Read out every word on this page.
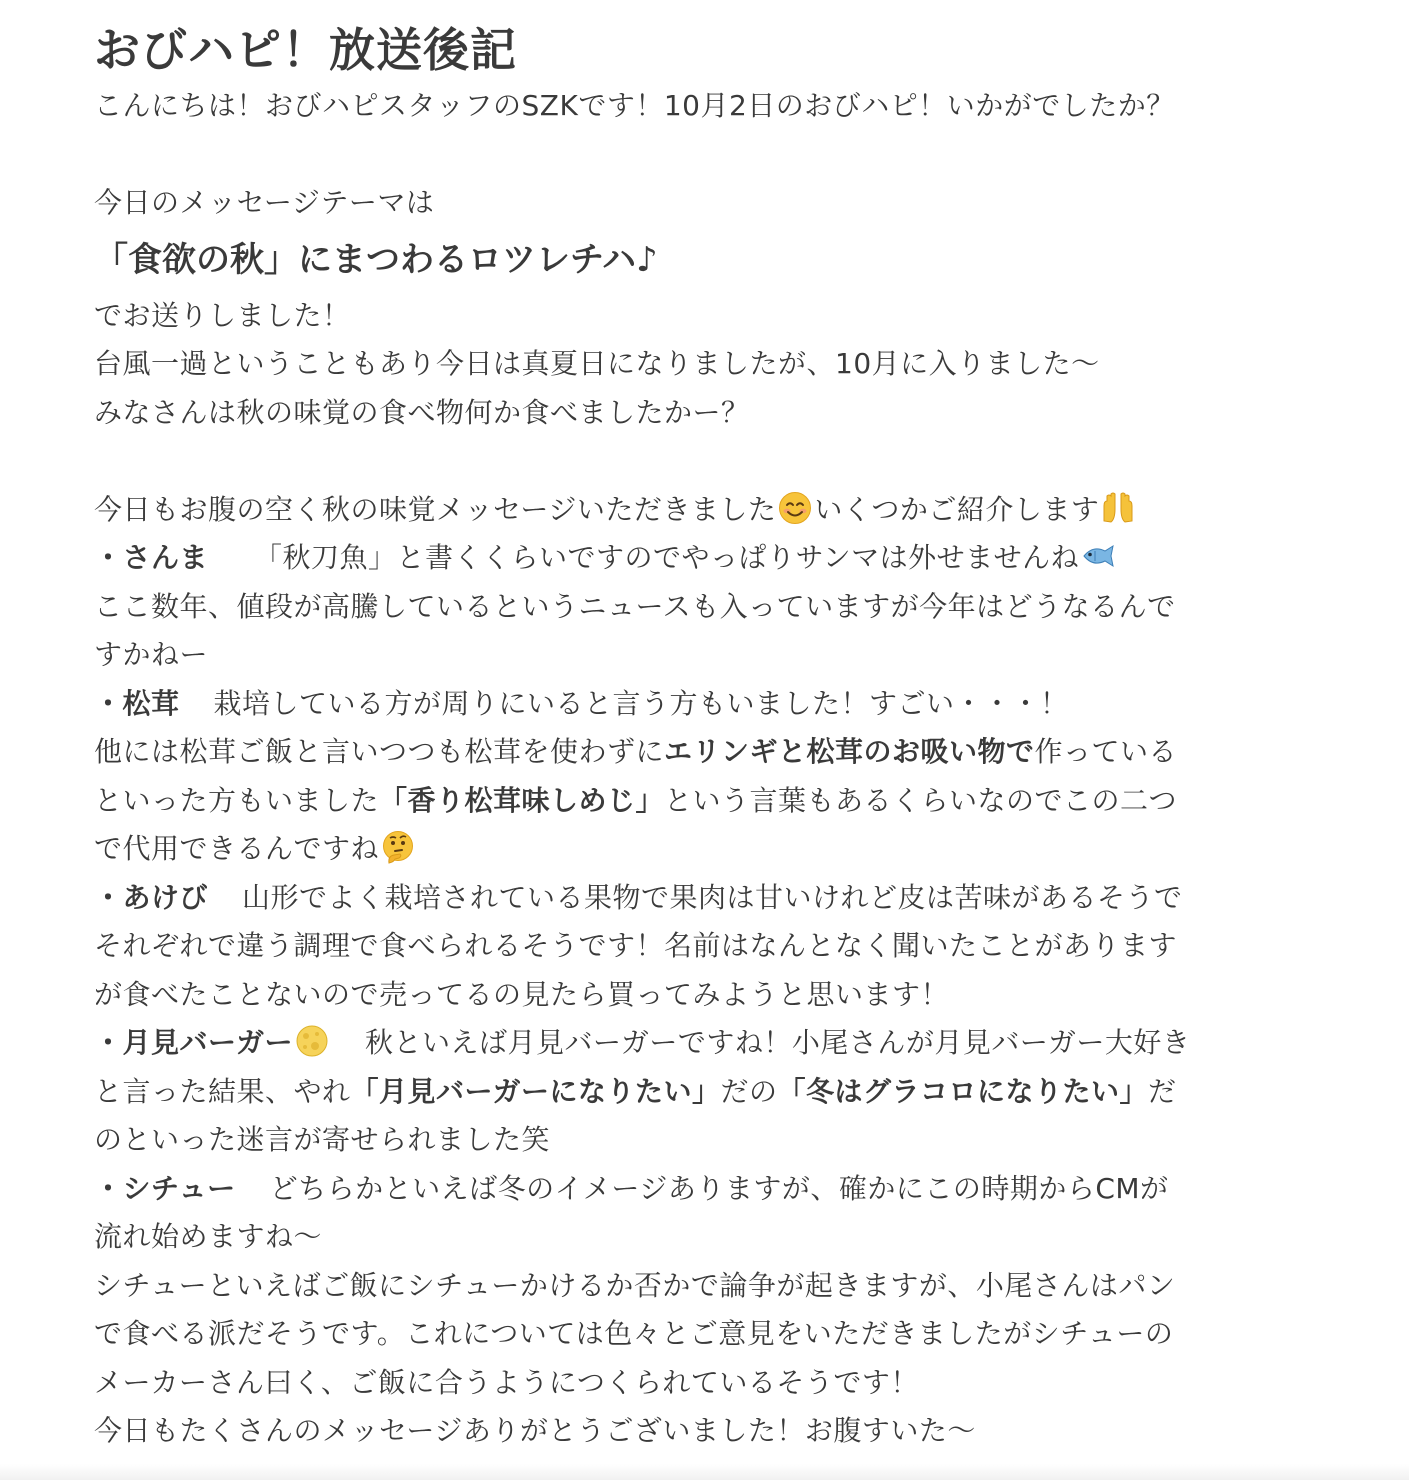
おびハピ！放送後記

こんにちは！おびハピスタッフのSZKです！10月2日のおびハピ！いかがでしたか？

今日のメッセージテーマは

「食欲の秋」にまつわるロツレチハ♪

でお送りしました！

台風一過ということもあり今日は真夏日になりましたが、10月に入りました〜

みなさんは秋の味覚の食べ物何か食べましたかー？

今日もお腹の空く秋の味覚メッセージいただきました いくつかご紹介します

・さんま 「秋刀魚」と書くくらいですのでやっぱりサンマは外せませんね

ここ数年、値段が高騰しているというニュースも入っていますが今年はどうなるんで

すかねー

・松茸 栽培している方が周りにいると言う方もいました！すごい・・・！

他には松茸ご飯と言いつつも松茸を使わずにエリンギと松茸のお吸い物で作っている

といった方もいました「香り松茸味しめじ」という言葉もあるくらいなのでこの二つ

で代用できるんですね

・あけび 山形でよく栽培されている果物で果肉は甘いけれど皮は苦味があるそうで

それぞれで違う調理で食べられるそうです！名前はなんとなく聞いたことがあります

が食べたことないので売ってるの見たら買ってみようと思います！

・月見バーガー	秋といえば月見バーガーですね！小尾さんが月見バーガー大好き

と言った結果、やれ「月見バーガーになりたい」だの「冬はグラコロになりたい」だ

のといった迷言が寄せられました笑

・シチュー どちらかといえば冬のイメージありますが、確かにこの時期からCMが

流れ始めますね〜

シチューといえばご飯にシチューかけるか否かで論争が起きますが、小尾さんはパン

で食べる派だそうです。これについては色々とご意見をいただきましたがシチューの

メーカーさん曰く、ご飯に合うようにつくられているそうです！

今日もたくさんのメッセージありがとうございました！お腹すいた〜
